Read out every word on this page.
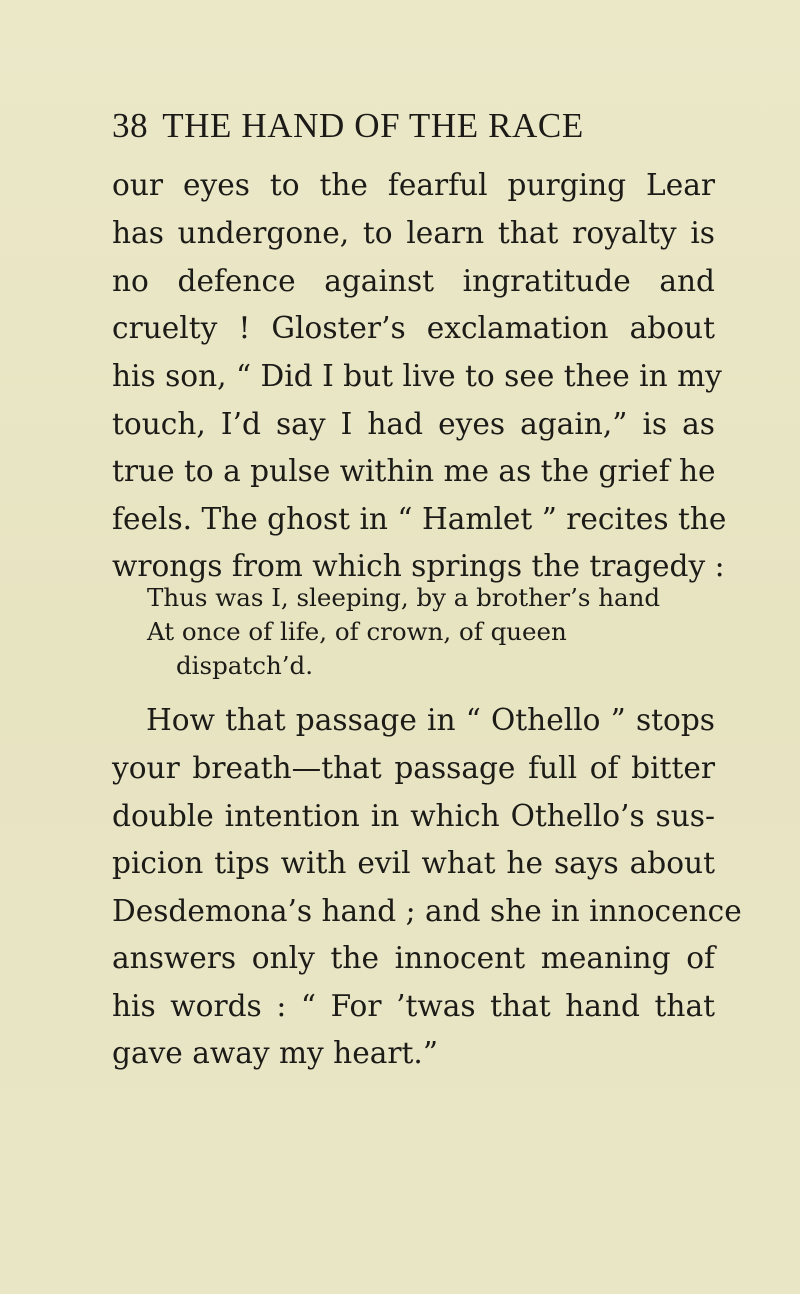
38 THE HAND OF THE RACE
our eyes to the fearful purging Lear
has undergone, to learn that royalty is
no defence against ingratitude and
cruelty ! Gloster’s exclamation about
his son, “ Did I but live to see thee in my
touch, I’d say I had eyes again,” is as
true to a pulse within me as the grief he
feels. The ghost in “ Hamlet ” recites the
wrongs from which springs the tragedy :
Thus was I, sleeping, by a brother’s hand
At once of life, of crown, of queen
dispatch’d.
How that passage in “ Othello ” stops
your breath—that passage full of bitter
double intention in which Othello’s sus-
picion tips with evil what he says about
Desdemona’s hand ; and she in innocence
answers only the innocent meaning of
his words : “ For ’twas that hand that
gave away my heart.”
